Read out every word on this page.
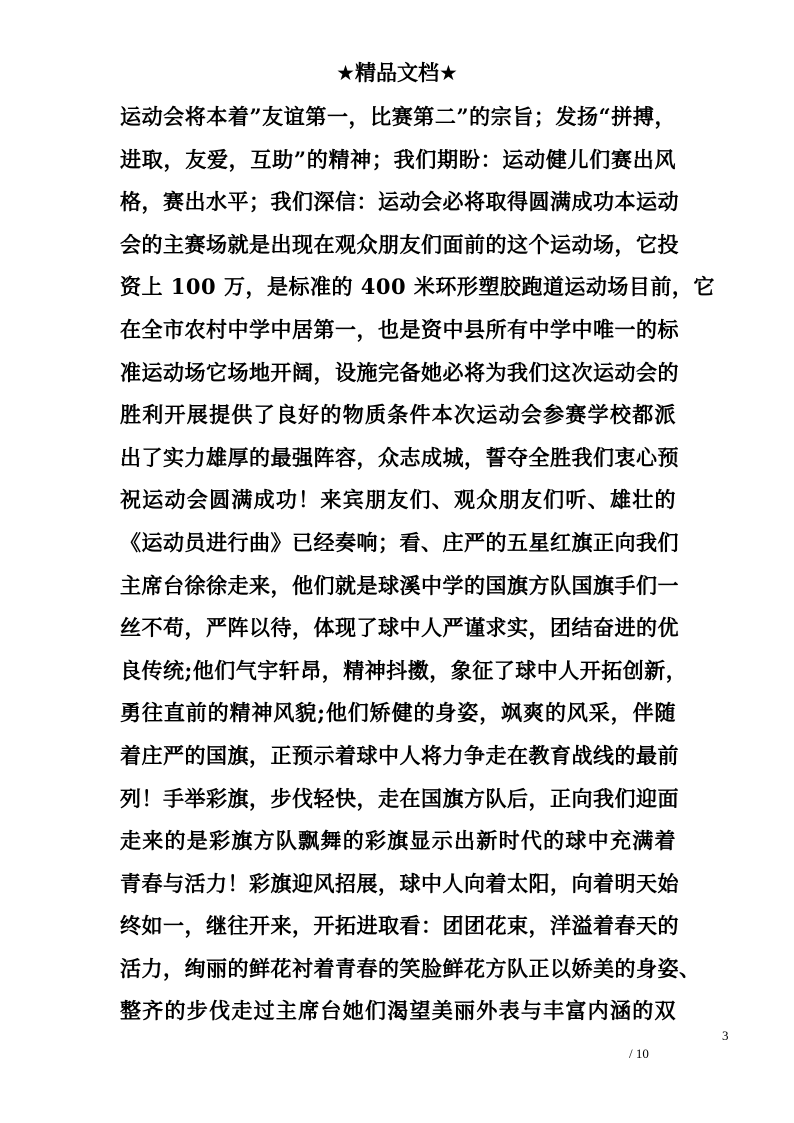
★精品文档★
运动会将本着”友谊第一，比赛第二”的宗旨；发扬“拼搏，
进取，友爱，互助”的精神；我们期盼：运动健儿们赛出风
格，赛出水平；我们深信：运动会必将取得圆满成功本运动
会的主赛场就是出现在观众朋友们面前的这个运动场，它投
资上 100 万，是标准的 400 米环形塑胶跑道运动场目前，它
在全市农村中学中居第一，也是资中县所有中学中唯一的标
准运动场它场地开阔，设施完备她必将为我们这次运动会的
胜利开展提供了良好的物质条件本次运动会参赛学校都派
出了实力雄厚的最强阵容，众志成城，誓夺全胜我们衷心预
祝运动会圆满成功！来宾朋友们、观众朋友们听、雄壮的
《运动员进行曲》已经奏响；看、庄严的五星红旗正向我们
主席台徐徐走来，他们就是球溪中学的国旗方队国旗手们一
丝不苟，严阵以待，体现了球中人严谨求实，团结奋进的优
良传统;他们气宇轩昂，精神抖擞，象征了球中人开拓创新，
勇往直前的精神风貌;他们矫健的身姿，飒爽的风采，伴随
着庄严的国旗，正预示着球中人将力争走在教育战线的最前
列！手举彩旗，步伐轻快，走在国旗方队后，正向我们迎面
走来的是彩旗方队飘舞的彩旗显示出新时代的球中充满着
青春与活力！彩旗迎风招展，球中人向着太阳，向着明天始
终如一，继往开来，开拓进取看：团团花束，洋溢着春天的
活力，绚丽的鲜花衬着青春的笑脸鲜花方队正以娇美的身姿、
整齐的步伐走过主席台她们渴望美丽外表与丰富内涵的双
3
/ 10
